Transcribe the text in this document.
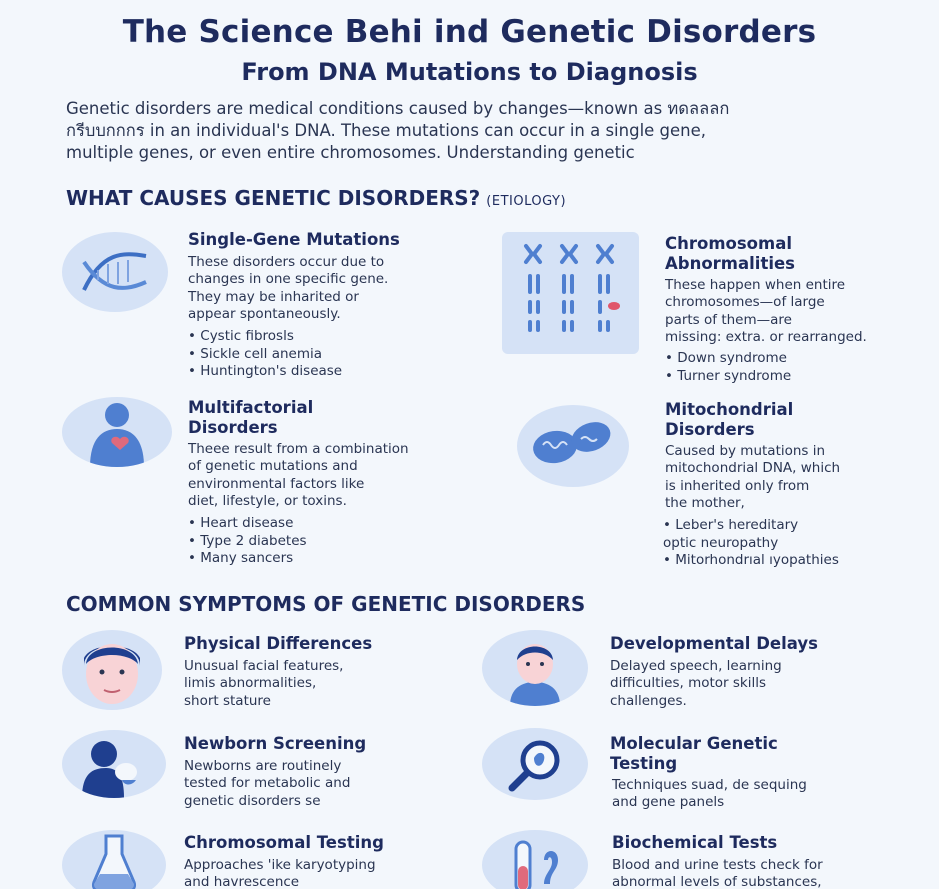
The Science Behi ind Genetic Disorders
From DNA Mutations to Diagnosis
Genetic disorders are medical conditions caused by changes—known as ทดลลลก
กรีบบกกกร in an individual's DNA. These mutations can occur in a single gene,
multiple genes, or even entire chromosomes. Understanding genetic
WHAT CAUSES GENETIC DISORDERS? (ETIOLOGY)
Single-Gene Mutations
These disorders occur due to
changes in one specific gene.
They may be inharited or
appear spontaneously.
• Cystic fibrosls
• Sickle cell anemia
• Huntington's disease
Chromosomal
Abnormalities
These happen when entire
chromosomes—of large
parts of them—are
missing: extra. or rearranged.
• Down syndrome
• Turner syndrome
Multifactorial
Disorders
Theee result from a combination
of genetic mutations and
environmental factors like
diet, lifestyle, or toxins.
• Heart disease
• Type 2 diabetes
• Many sancers
Mitochondrial
Disorders
Caused by mutations in
mitochondrial DNA, which
is inherited only from
the mother,
• Leber's hereditary
optic neuropathy
• Mitorhondrıal ıyopathies
COMMON SYMPTOMS OF GENETIC DISORDERS
Physical Differences
Unusual facial features,
limis abnormalities,
short stature
Developmental Delays
Delayed speech, learning
difficulties, motor skills
challenges.
Newborn Screening
Newborns are routinely
tested for metabolic and
genetic disorders se
Molecular Genetic
Testing
Techniques suad, de sequing
and gene panels
Chromosomal Testing
Approaches 'ike karyotyping
and havrescence
Biochemical Tests
Blood and urine tests check for
abnormal levels of substances,
